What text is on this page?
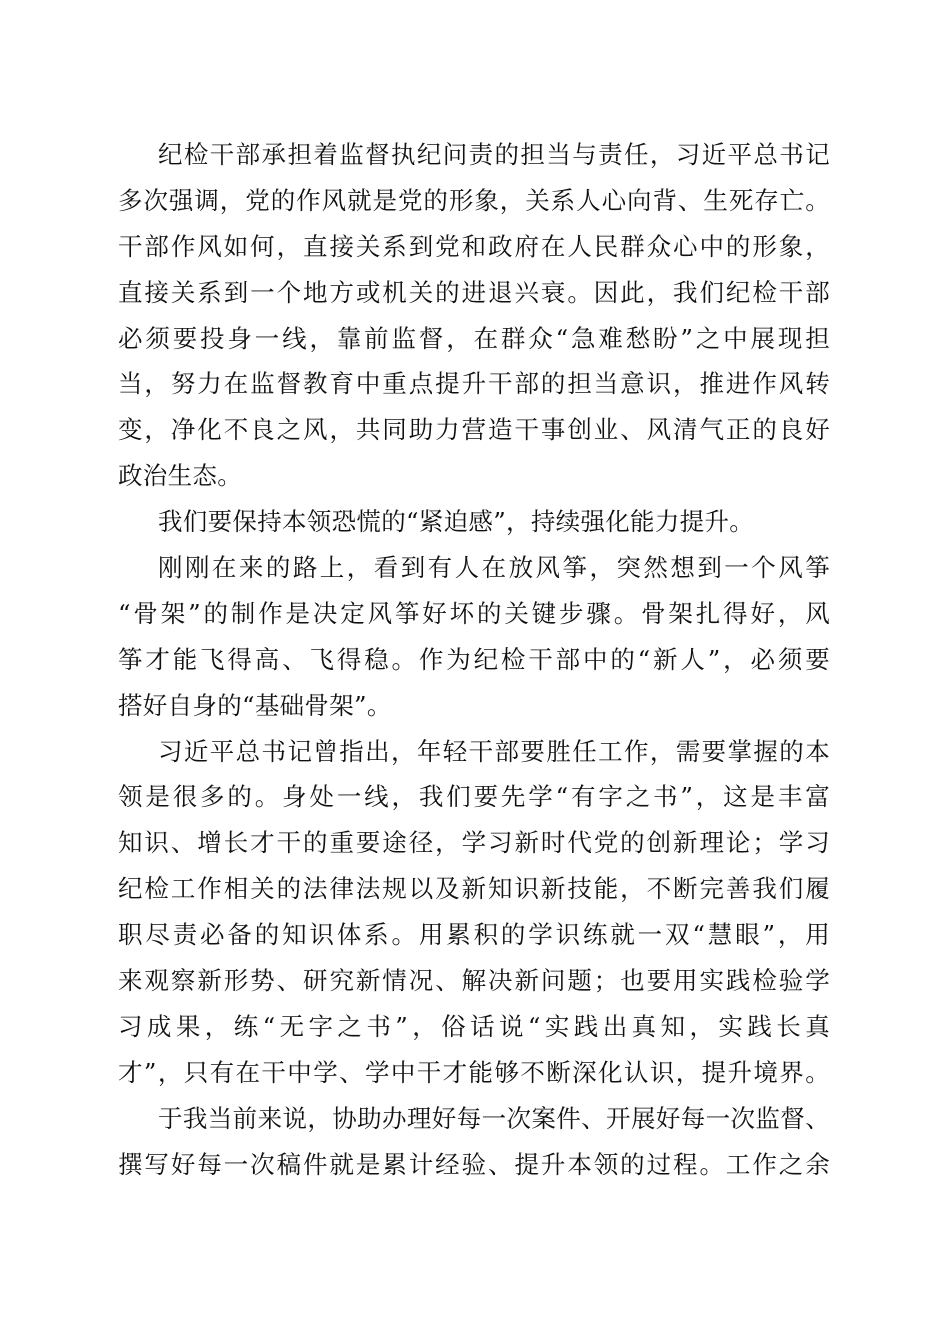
纪检干部承担着监督执纪问责的担当与责任，习近平总书记
多次强调，党的作风就是党的形象，关系人心向背、生死存亡。
干部作风如何，直接关系到党和政府在人民群众心中的形象，
直接关系到一个地方或机关的进退兴衰。因此，我们纪检干部
必须要投身一线，靠前监督，在群众“急难愁盼”之中展现担
当，努力在监督教育中重点提升干部的担当意识，推进作风转
变，净化不良之风，共同助力营造干事创业、风清气正的良好
政治生态。
我们要保持本领恐慌的“紧迫感”，持续强化能力提升。
刚刚在来的路上，看到有人在放风筝，突然想到一个风筝
“骨架”的制作是决定风筝好坏的关键步骤。骨架扎得好，风
筝才能飞得高、飞得稳。作为纪检干部中的“新人”，必须要
搭好自身的“基础骨架”。
习近平总书记曾指出，年轻干部要胜任工作，需要掌握的本
领是很多的。身处一线，我们要先学“有字之书”，这是丰富
知识、增长才干的重要途径，学习新时代党的创新理论；学习
纪检工作相关的法律法规以及新知识新技能，不断完善我们履
职尽责必备的知识体系。用累积的学识练就一双“慧眼”，用
来观察新形势、研究新情况、解决新问题；也要用实践检验学
习成果，练“无字之书”，俗话说“实践出真知，实践长真
才”，只有在干中学、学中干才能够不断深化认识，提升境界。
于我当前来说，协助办理好每一次案件、开展好每一次监督、
撰写好每一次稿件就是累计经验、提升本领的过程。工作之余
